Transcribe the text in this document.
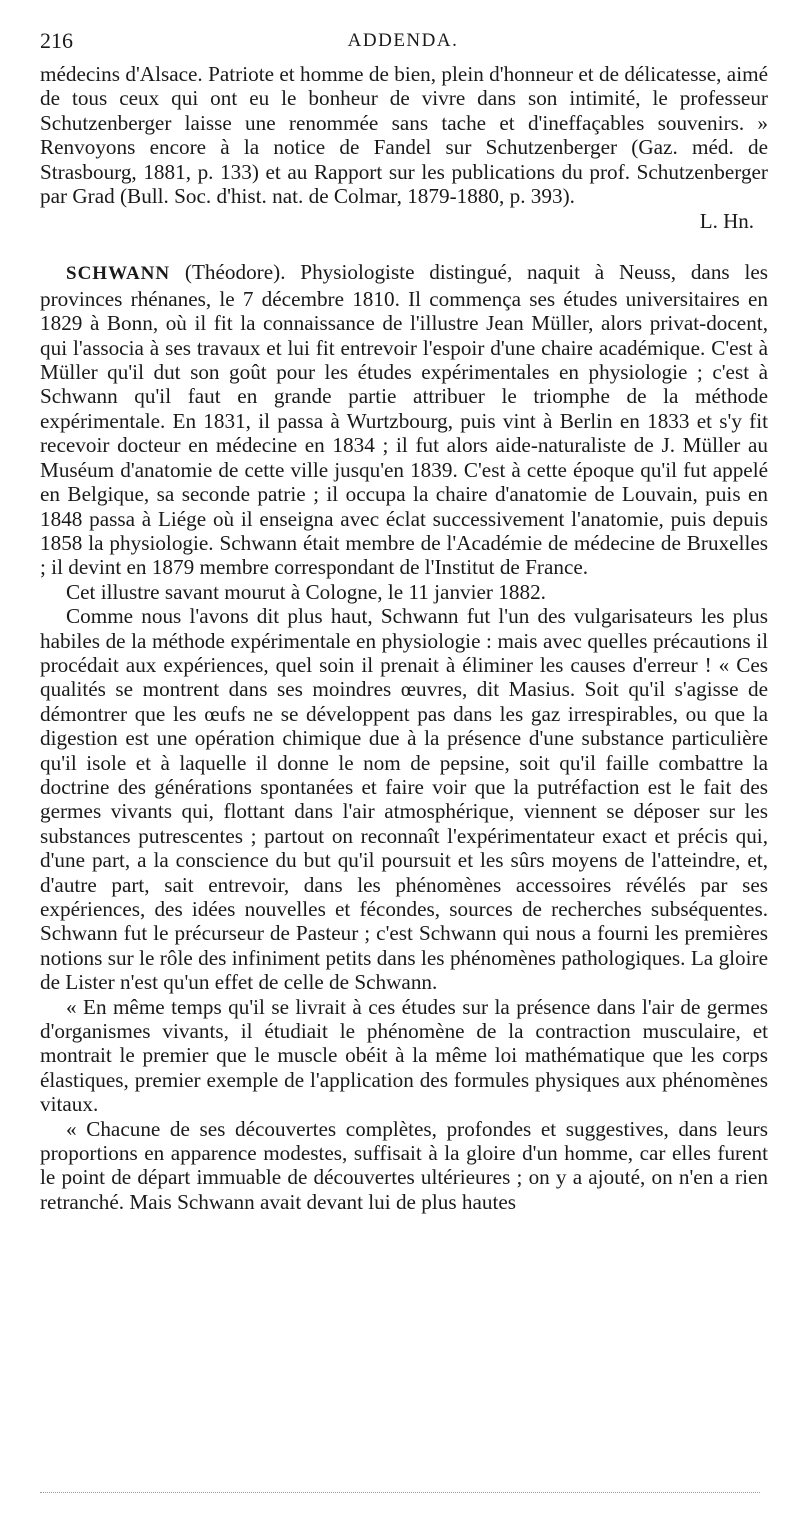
216	ADDENDA.

médecins d'Alsace. Patriote et homme de bien, plein d'honneur et de délicatesse, aimé de tous ceux qui ont eu le bonheur de vivre dans son intimité, le professeur Schutzenberger laisse une renommée sans tache et d'ineffaçables souvenirs. » Renvoyons encore à la notice de Fandel sur Schutzenberger (Gaz. méd. de Strasbourg, 1881, p. 133) et au Rapport sur les publications du prof. Schutzenberger par Grad (Bull. Soc. d'hist. nat. de Colmar, 1879-1880, p. 393).

L. Hn.

SCHWANN (Théodore). Physiologiste distingué, naquit à Neuss, dans les provinces rhénanes, le 7 décembre 1810. Il commença ses études universitaires en 1829 à Bonn, où il fit la connaissance de l'illustre Jean Müller, alors privat-docent, qui l'associa à ses travaux et lui fit entrevoir l'espoir d'une chaire académique. C'est à Müller qu'il dut son goût pour les études expérimentales en physiologie ; c'est à Schwann qu'il faut en grande partie attribuer le triomphe de la méthode expérimentale. En 1831, il passa à Wurtzbourg, puis vint à Berlin en 1833 et s'y fit recevoir docteur en médecine en 1834 ; il fut alors aide-naturaliste de J. Müller au Muséum d'anatomie de cette ville jusqu'en 1839. C'est à cette époque qu'il fut appelé en Belgique, sa seconde patrie ; il occupa la chaire d'anatomie de Louvain, puis en 1848 passa à Liége où il enseigna avec éclat successivement l'anatomie, puis depuis 1858 la physiologie. Schwann était membre de l'Académie de médecine de Bruxelles ; il devint en 1879 membre correspondant de l'Institut de France.

Cet illustre savant mourut à Cologne, le 11 janvier 1882.

Comme nous l'avons dit plus haut, Schwann fut l'un des vulgarisateurs les plus habiles de la méthode expérimentale en physiologie : mais avec quelles précautions il procédait aux expériences, quel soin il prenait à éliminer les causes d'erreur ! « Ces qualités se montrent dans ses moindres œuvres, dit Masius. Soit qu'il s'agisse de démontrer que les œufs ne se développent pas dans les gaz irrespirables, ou que la digestion est une opération chimique due à la présence d'une substance particulière qu'il isole et à laquelle il donne le nom de pepsine, soit qu'il faille combattre la doctrine des générations spontanées et faire voir que la putréfaction est le fait des germes vivants qui, flottant dans l'air atmosphérique, viennent se déposer sur les substances putrescentes ; partout on reconnaît l'expérimentateur exact et précis qui, d'une part, a la conscience du but qu'il poursuit et les sûrs moyens de l'atteindre, et, d'autre part, sait entrevoir, dans les phénomènes accessoires révélés par ses expériences, des idées nouvelles et fécondes, sources de recherches subséquentes. Schwann fut le précurseur de Pasteur ; c'est Schwann qui nous a fourni les premières notions sur le rôle des infiniment petits dans les phénomènes pathologiques. La gloire de Lister n'est qu'un effet de celle de Schwann.

« En même temps qu'il se livrait à ces études sur la présence dans l'air de germes d'organismes vivants, il étudiait le phénomène de la contraction musculaire, et montrait le premier que le muscle obéit à la même loi mathématique que les corps élastiques, premier exemple de l'application des formules physiques aux phénomènes vitaux.

« Chacune de ses découvertes complètes, profondes et suggestives, dans leurs proportions en apparence modestes, suffisait à la gloire d'un homme, car elles furent le point de départ immuable de découvertes ultérieures ; on y a ajouté, on n'en a rien retranché. Mais Schwann avait devant lui de plus hautes
